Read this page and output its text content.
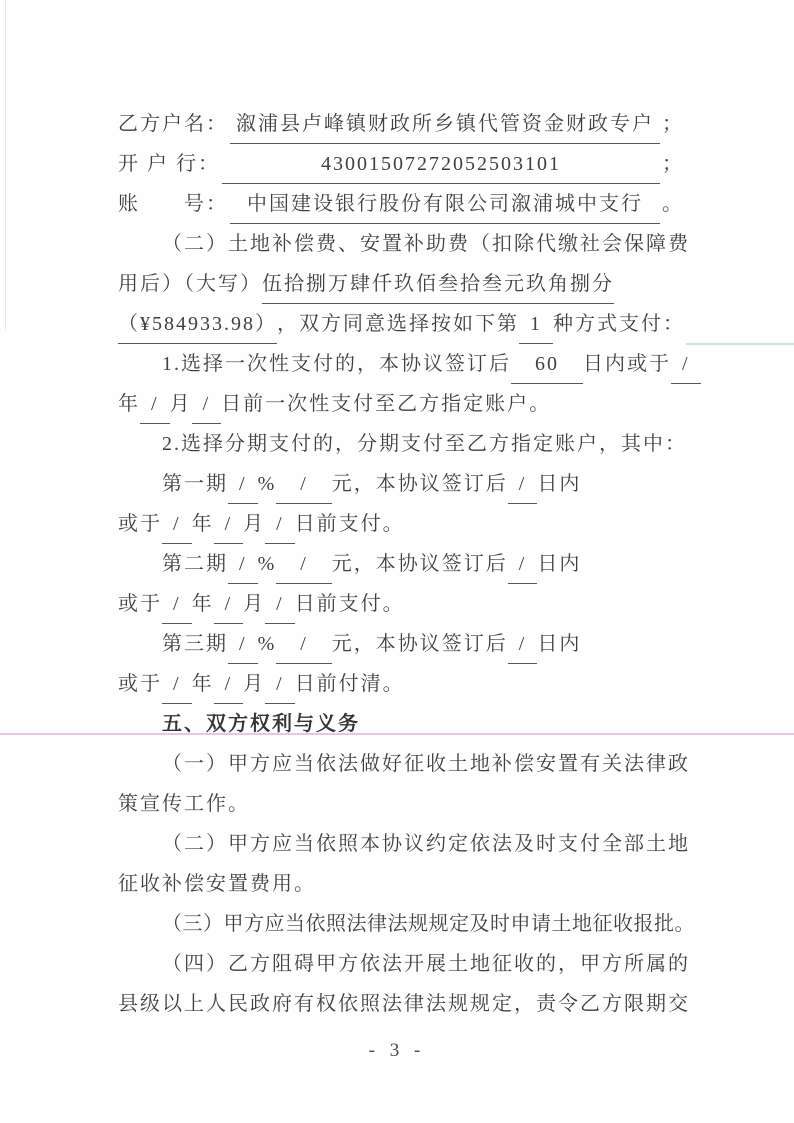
乙方户名： 溆浦县卢峰镇财政所乡镇代管资金财政专户 ；
开 户 行：	43001507272052503101	；
账　　号： 中国建设银行股份有限公司溆浦城中支行 。
（二）土地补偿费、安置补助费（扣除代缴社会保障费
用后）（大写） 伍拾捌万肆仟玖佰叁拾叁元玖角捌分
（¥584933.98） ，双方同意选择按如下第 1 种方式支付：
1.选择一次性支付的，本协议签订后	60	日内或于 /
年 / 月 / 日前一次性支付至乙方指定账户。
2.选择分期支付的，分期支付至乙方指定账户，其中：
第一期 / %	/	元，本协议签订后 / 日内
或于 / 年 / 月 / 日前支付。
第二期 / %	/	元，本协议签订后 / 日内
或于 / 年 / 月 / 日前支付。
第三期 / %	/	元，本协议签订后 / 日内
或于 / 年 / 月 / 日前付清。
五、双方权利与义务
（一）甲方应当依法做好征收土地补偿安置有关法律政
策宣传工作。
（二）甲方应当依照本协议约定依法及时支付全部土地
征收补偿安置费用。
（三）甲方应当依照法律法规规定及时申请土地征收报批。
（四）乙方阻碍甲方依法开展土地征收的，甲方所属的
县级以上人民政府有权依照法律法规规定，责令乙方限期交
- 3 -
